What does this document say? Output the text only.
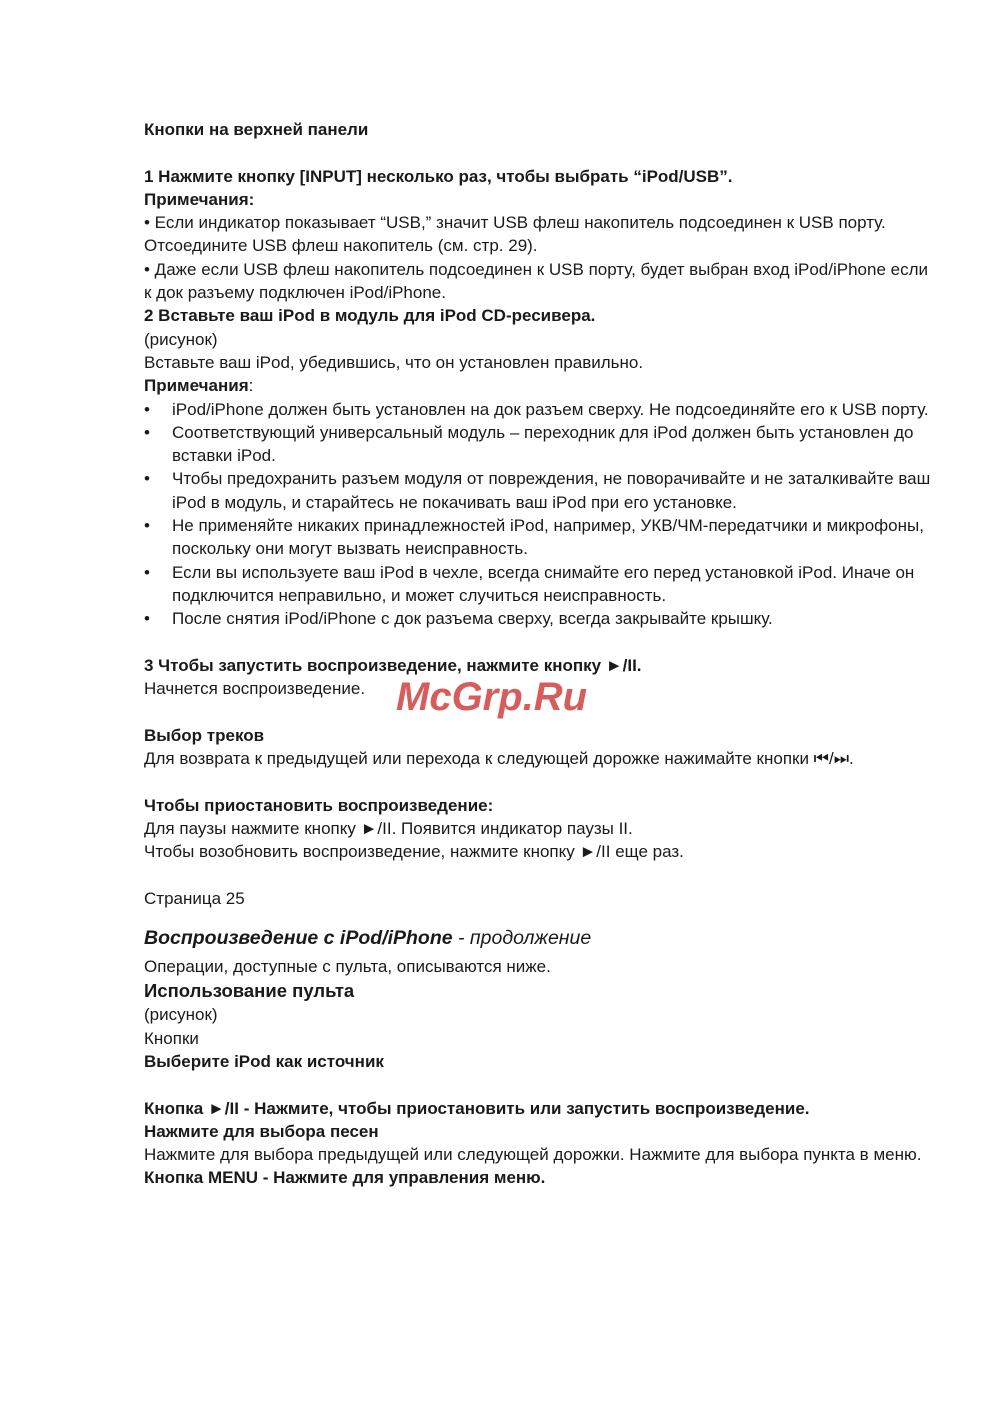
Кнопки на верхней панели

1 Нажмите кнопку [INPUT] несколько раз, чтобы выбрать “iPod/USB”.

Примечания:

• Если индикатор показывает “USB,” значит USB флеш накопитель подсоединен к USB порту. Отсоедините USB флеш накопитель (см. стр. 29).

• Даже если USB флеш накопитель подсоединен к USB порту, будет выбран вход iPod/iPhone если к док разъему подключен iPod/iPhone.

2 Вставьте ваш iPod в модуль для iPod CD-ресивера.

(рисунок)

Вставьте ваш iPod, убедившись, что он установлен правильно.

Примечания:

• iPod/iPhone должен быть установлен на док разъем сверху. Не подсоединяйте его к USB порту.
• Соответствующий универсальный модуль – переходник для iPod должен быть установлен до вставки iPod.
• Чтобы предохранить разъем модуля от повреждения, не поворачивайте и не заталкивайте ваш iPod в модуль, и старайтесь не покачивать ваш iPod при его установке.
• Не применяйте никаких принадлежностей iPod, например, УКВ/ЧМ-передатчики и микрофоны, поскольку они могут вызвать неисправность.
• Если вы используете ваш iPod в чехле, всегда снимайте его перед установкой iPod. Иначе он подключится неправильно, и может случиться неисправность.
• После снятия iPod/iPhone с док разъема сверху, всегда закрывайте крышку.

3 Чтобы запустить воспроизведение, нажмите кнопку ►/II.

Начнется воспроизведение.

Выбор треков

Для возврата к предыдущей или перехода к следующей дорожке нажимайте кнопки ⏮/⏭.

Чтобы приостановить воспроизведение:

Для паузы нажмите кнопку ►/II. Появится индикатор паузы II.

Чтобы возобновить воспроизведение, нажмите кнопку ►/II еще раз.

Страница 25

Воспроизведение с iPod/iPhone - продолжение

Операции, доступные с пульта, описываются ниже.

Использование пульта

(рисунок)

Кнопки

Выберите iPod как источник

Кнопка ►/II - Нажмите, чтобы приостановить или запустить воспроизведение.

Нажмите для выбора песен

Нажмите для выбора предыдущей или следующей дорожки. Нажмите для выбора пункта в меню.

Кнопка MENU - Нажмите для управления меню.

McGrp.Ru
